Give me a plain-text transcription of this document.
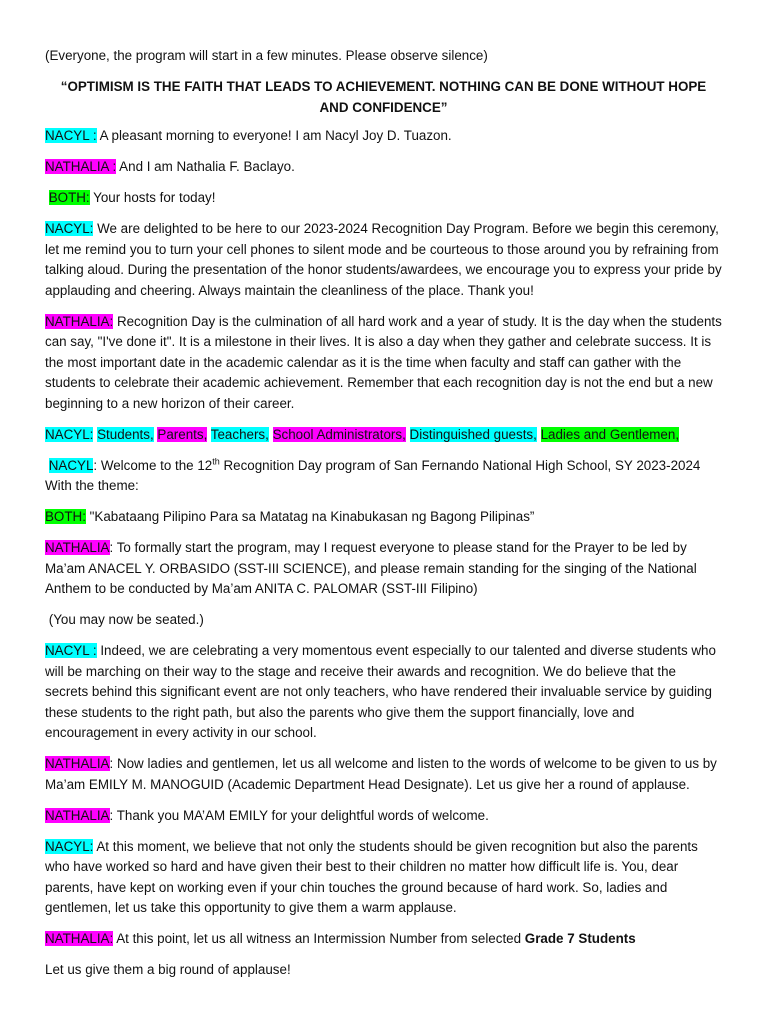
(Everyone, the program will start in a few minutes. Please observe silence)

“OPTIMISM IS THE FAITH THAT LEADS TO ACHIEVEMENT. NOTHING CAN BE DONE WITHOUT HOPE AND CONFIDENCE”

NACYL : A pleasant morning to everyone! I am Nacyl Joy D. Tuazon.

NATHALIA : And I am Nathalia F. Baclayo.

BOTH: Your hosts for today!

NACYL: We are delighted to be here to our 2023-2024 Recognition Day Program. Before we begin this ceremony, let me remind you to turn your cell phones to silent mode and be courteous to those around you by refraining from talking aloud. During the presentation of the honor students/awardees, we encourage you to express your pride by applauding and cheering. Always maintain the cleanliness of the place. Thank you!

NATHALIA: Recognition Day is the culmination of all hard work and a year of study. It is the day when the students can say, "I've done it". It is a milestone in their lives. It is also a day when they gather and celebrate success. It is the most important date in the academic calendar as it is the time when faculty and staff can gather with the students to celebrate their academic achievement. Remember that each recognition day is not the end but a new beginning to a new horizon of their career.

NACYL: Students, Parents, Teachers, School Administrators, Distinguished guests, Ladies and Gentlemen,

NACYL: Welcome to the 12th Recognition Day program of San Fernando National High School, SY 2023-2024
With the theme:

BOTH: "Kabataang Pilipino Para sa Matatag na Kinabukasan ng Bagong Pilipinas”

NATHALIA: To formally start the program, may I request everyone to please stand for the Prayer to be led by Ma’am ANACEL Y. ORBASIDO (SST-III SCIENCE), and please remain standing for the singing of the National Anthem to be conducted by Ma’am ANITA C. PALOMAR (SST-III Filipino)

(You may now be seated.)

NACYL : Indeed, we are celebrating a very momentous event especially to our talented and diverse students who will be marching on their way to the stage and receive their awards and recognition. We do believe that the secrets behind this significant event are not only teachers, who have rendered their invaluable service by guiding these students to the right path, but also the parents who give them the support financially, love and encouragement in every activity in our school.

NATHALIA: Now ladies and gentlemen, let us all welcome and listen to the words of welcome to be given to us by Ma’am EMILY M. MANOGUID (Academic Department Head Designate). Let us give her a round of applause.

NATHALIA: Thank you MA’AM EMILY for your delightful words of welcome.

NACYL: At this moment, we believe that not only the students should be given recognition but also the parents who have worked so hard and have given their best to their children no matter how difficult life is. You, dear parents, have kept on working even if your chin touches the ground because of hard work. So, ladies and gentlemen, let us take this opportunity to give them a warm applause.

NATHALIA: At this point, let us all witness an Intermission Number from selected Grade 7 Students

Let us give them a big round of applause!
